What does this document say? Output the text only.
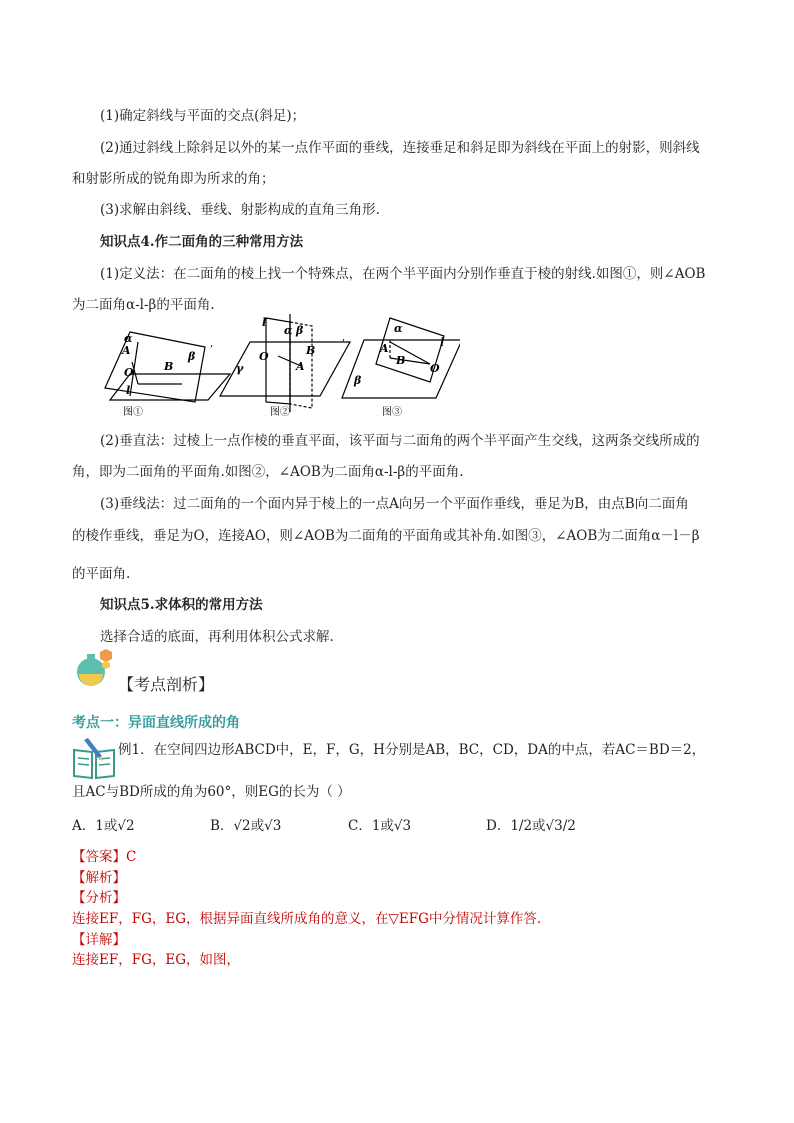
(1)确定斜线与平面的交点(斜足)；
(2)通过斜线上除斜足以外的某一点作平面的垂线，连接垂足和斜足即为斜线在平面上的射影，则斜线
和射影所成的锐角即为所求的角；
(3)求解由斜线、垂线、射影构成的直角三角形.
知识点4.作二面角的三种常用方法
(1)定义法：在二面角的棱上找一个特殊点，在两个半平面内分别作垂直于棱的射线.如图①，则∠AOB
为二面角α-l-β的平面角.
α
A
O	B
β
l
l
α β
O	B
A
γ
α
A
B
O
l
β
图①	图②	图③
,
,
(2)垂直法：过棱上一点作棱的垂直平面，该平面与二面角的两个半平面产生交线，这两条交线所成的
角，即为二面角的平面角.如图②，∠AOB为二面角α-l-β的平面角.
(3)垂线法：过二面角的一个面内异于棱上的一点A向另一个平面作垂线，垂足为B，由点B向二面角
的棱作垂线，垂足为O，连接AO，则∠AOB为二面角的平面角或其补角.如图③，∠AOB为二面角α－l－β
的平面角.
知识点5.求体积的常用方法
选择合适的底面，再利用体积公式求解.
【考点剖析】
考点一：异面直线所成的角
例1．在空间四边形ABCD中，E，F，G，H分别是AB，BC，CD，DA的中点，若AC＝BD＝2，
且AC与BD所成的角为60°，则EG的长为（ ）
A．1或√2	B．√2或√3	C．1或√3	D．1/2或√3/2
【答案】C
【解析】
【分析】
连接EF，FG，EG，根据异面直线所成角的意义，在▽EFG中分情况计算作答.
【详解】
连接EF，FG，EG，如图，
